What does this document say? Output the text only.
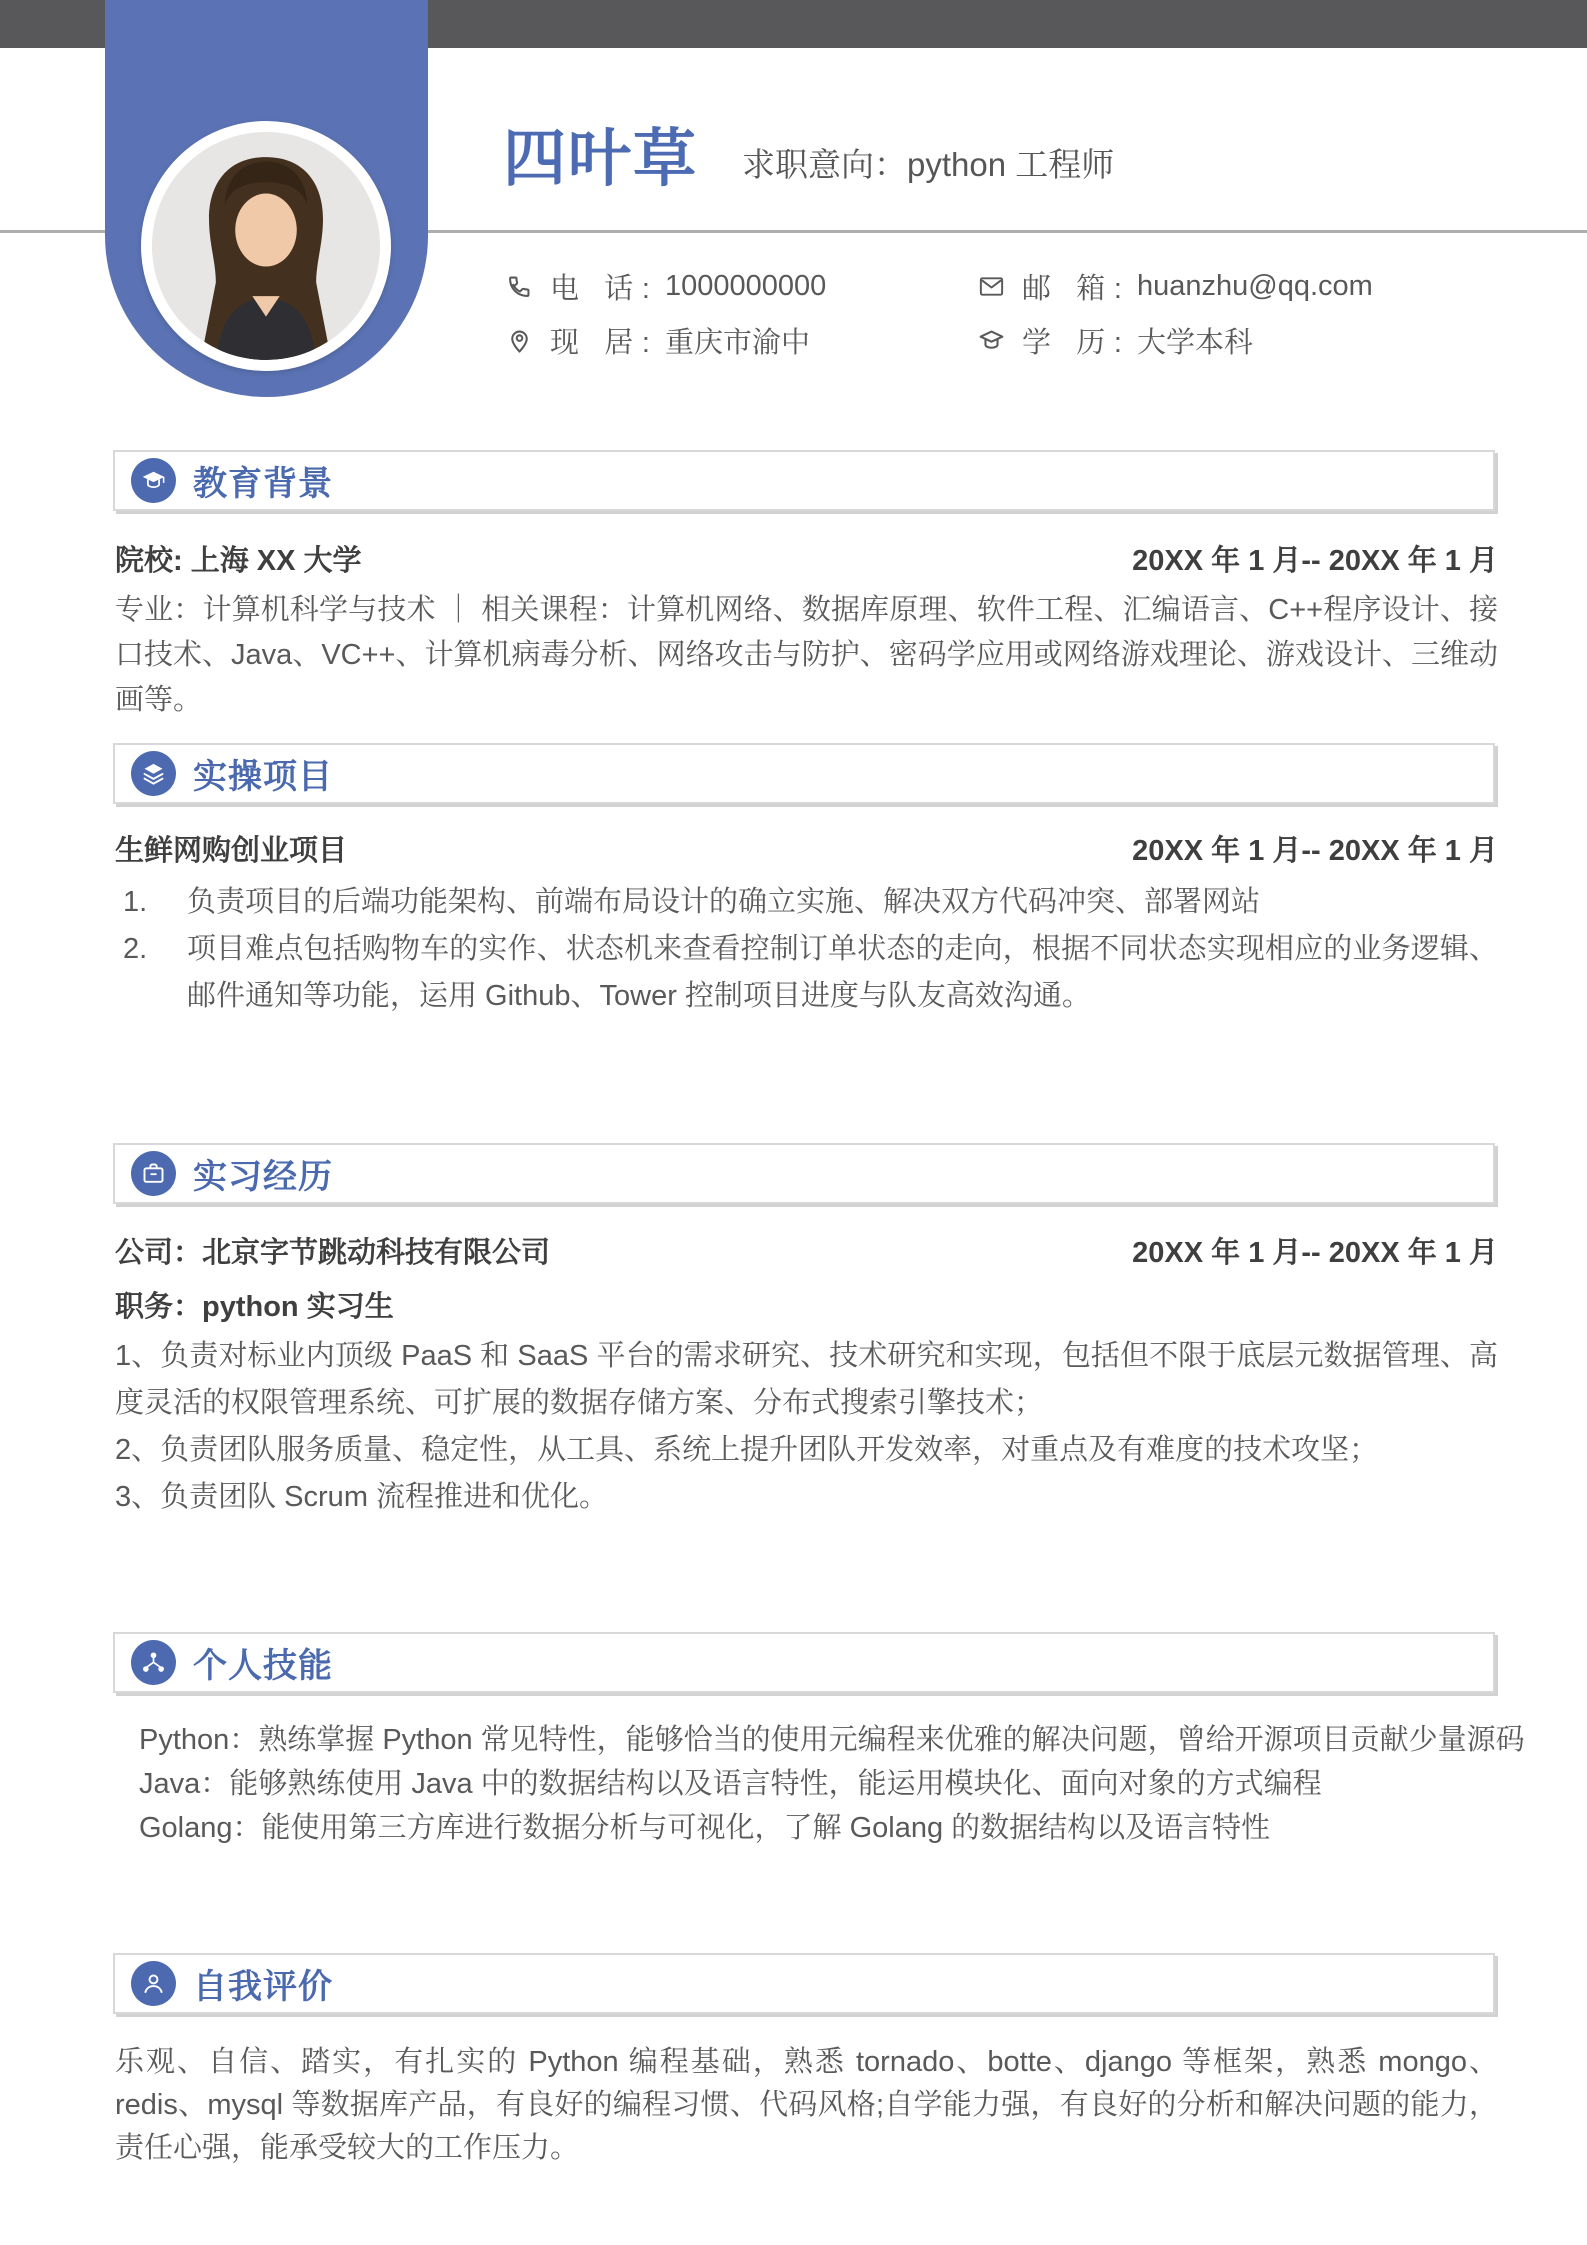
四叶草 求职意向：python 工程师
电 话: 1000000000	邮 箱: huanzhu@qq.com
现 居: 重庆市渝中	学 历: 大学本科
教育背景
院校: 上海 XX 大学	20XX 年 1 月-- 20XX 年 1 月

专业：计算机科学与技术 ｜ 相关课程：计算机网络、数据库原理、软件工程、汇编语言、C++程序设计、接口技术、Java、VC++、计算机病毒分析、网络攻击与防护、密码学应用或网络游戏理论、游戏设计、三维动画等。

实操项目
生鲜网购创业项目	20XX 年 1 月-- 20XX 年 1 月
1. 负责项目的后端功能架构、前端布局设计的确立实施、解决双方代码冲突、部署网站
2. 项目难点包括购物车的实作、状态机来查看控制订单状态的走向，根据不同状态实现相应的业务逻辑、邮件通知等功能，运用 Github、Tower 控制项目进度与队友高效沟通。
实习经历
公司：北京字节跳动科技有限公司	20XX 年 1 月-- 20XX 年 1 月
职务：python 实习生

1、负责对标业内顶级 PaaS 和 SaaS 平台的需求研究、技术研究和实现，包括但不限于底层元数据管理、高度灵活的权限管理系统、可扩展的数据存储方案、分布式搜索引擎技术；

2、负责团队服务质量、稳定性，从工具、系统上提升团队开发效率，对重点及有难度的技术攻坚；

3、负责团队 Scrum 流程推进和优化。

个人技能
Python：熟练掌握 Python 常见特性，能够恰当的使用元编程来优雅的解决问题，曾给开源项目贡献少量源码
Java：能够熟练使用 Java 中的数据结构以及语言特性，能运用模块化、面向对象的方式编程
Golang：能使用第三方库进行数据分析与可视化，了解 Golang 的数据结构以及语言特性
自我评价

乐观、自信、踏实，有扎实的 Python 编程基础，熟悉 tornado、botte、django 等框架，熟悉 mongo、redis、mysql 等数据库产品，有良好的编程习惯、代码风格;自学能力强，有良好的分析和解决问题的能力，责任心强，能承受较大的工作压力。
